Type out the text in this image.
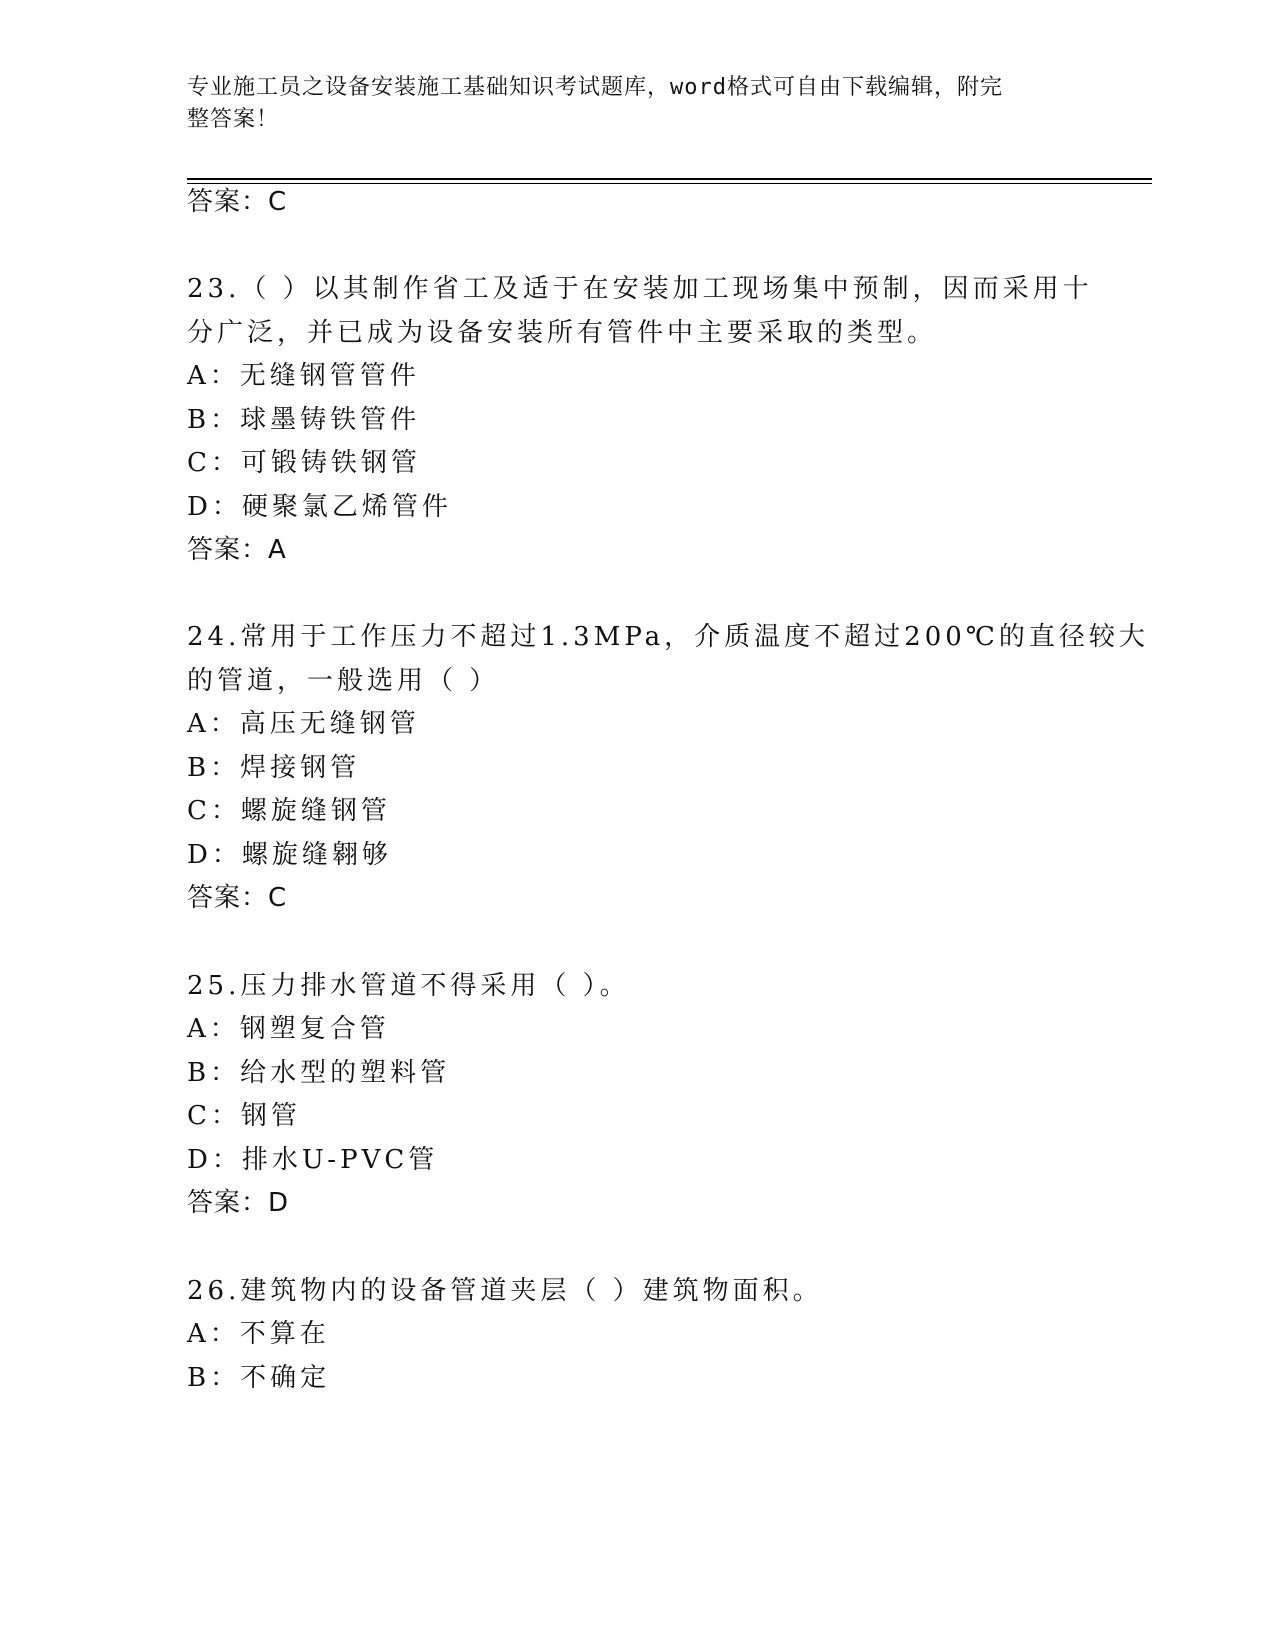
专业施工员之设备安装施工基础知识考试题库，word格式可自由下载编辑，附完
整答案！
答案：C
23.（ ）以其制作省工及适于在安装加工现场集中预制，因而采用十
分广泛，并已成为设备安装所有管件中主要采取的类型。
A：无缝钢管管件
B：球墨铸铁管件
C：可锻铸铁钢管
D：硬聚氯乙烯管件
答案：A
24.常用于工作压力不超过1.3MPa，介质温度不超过200℃的直径较大
的管道，一般选用（ ）
A：高压无缝钢管
B：焊接钢管
C：螺旋缝钢管
D：螺旋缝翱够
答案：C
25.压力排水管道不得采用（ ）。
A：钢塑复合管
B：给水型的塑料管
C：钢管
D：排水U-PVC管
答案：D
26.建筑物内的设备管道夹层（ ）建筑物面积。
A：不算在
B：不确定
